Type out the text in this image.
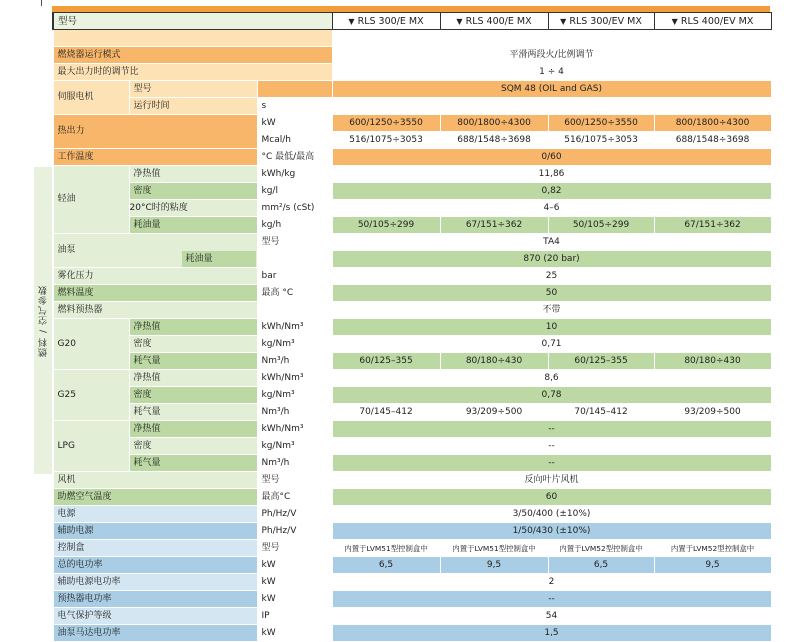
燃料 / 空气参数
型号	▼ RLS 300/E MX	▼ RLS 400/E MX	▼ RLS 300/EV MX	▼ RLS 400/EV MX

燃烧器运行模式	平滑两段火/比例调节
最大出力时的调节比	1 ÷ 4
伺服电机	型号		SQM 48 (OIL and GAS)
运行时间	s	
热出力	kW	600/1250÷3550	800/1800÷4300	600/1250÷3550	800/1800÷4300
Mcal/h	516/1075÷3053	688/1548÷3698	516/1075÷3053	688/1548÷3698
工作温度	°C 最低/最高	0/60
轻油	净热值	kWh/kg	11,86
密度	kg/l	0,82
20°C时的粘度	mm²/s (cSt)	4–6
耗油量	kg/h	50/105÷299	67/151÷362	50/105÷299	67/151÷362
油泵	型号	TA4
耗油量	870 (20 bar)
雾化压力	bar	25
燃料温度	最高 °C	50
燃料预热器		不带
G20	净热值	kWh/Nm³	10
密度	kg/Nm³	0,71
耗气量	Nm³/h	60/125–355	80/180÷430	60/125–355	80/180÷430
G25	净热值	kWh/Nm³	8,6
密度	kg/Nm³	0,78
耗气量	Nm³/h	70/145–412	93/209÷500	70/145–412	93/209÷500
LPG	净热值	kWh/Nm³	--
密度	kg/Nm³	--
耗气量	Nm³/h	--
风机	型号	反向叶片风机
助燃空气温度	最高°C	60
电源	Ph/Hz/V	3/50/400 (±10%)
辅助电源	Ph/Hz/V	1/50/430 (±10%)
控制盒	型号	内置于LVM51型控制盒中	内置于LVM51型控制盒中	内置于LVM52型控制盒中	内置于LVM52型控制盒中
总的电功率	kW	6,5	9,5	6,5	9,5
辅助电源电功率	kW	2
预热器电功率	kW	--
电气保护等级	IP	54
油泵马达电功率	kW	1,5
